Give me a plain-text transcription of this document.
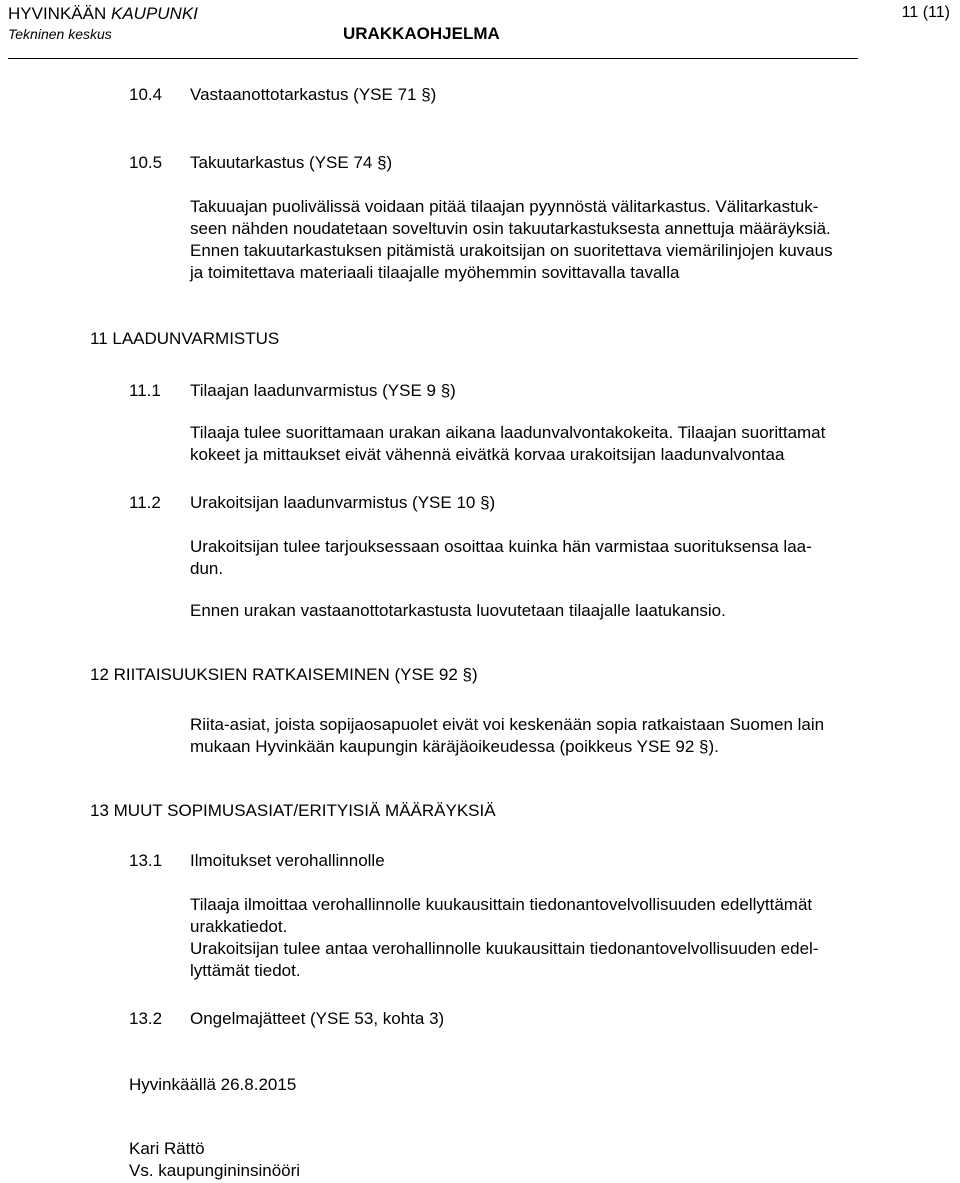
HYVINKÄÄN KAUPUNKI
Tekninen keskus	URAKKAOHJELMA
11 (11)
10.4 Vastaanottotarkastus (YSE 71 §)
10.5 Takuutarkastus (YSE 74 §)
Takuuajan puolivälissä voidaan pitää tilaajan pyynnöstä välitarkastus. Välitarkastuk-
seen nähden noudatetaan soveltuvin osin takuutarkastuksesta annettuja määräyksiä.
Ennen takuutarkastuksen pitämistä urakoitsijan on suoritettava viemärilinjojen kuvaus
ja toimitettava materiaali tilaajalle myöhemmin sovittavalla tavalla
11 LAADUNVARMISTUS
11.1 Tilaajan laadunvarmistus (YSE 9 §)
Tilaaja tulee suorittamaan urakan aikana laadunvalvontakokeita. Tilaajan suorittamat
kokeet ja mittaukset eivät vähennä eivätkä korvaa urakoitsijan laadunvalvontaa
11.2 Urakoitsijan laadunvarmistus (YSE 10 §)
Urakoitsijan tulee tarjouksessaan osoittaa kuinka hän varmistaa suorituksensa laa-
dun.
Ennen urakan vastaanottotarkastusta luovutetaan tilaajalle laatukansio.
12 RIITAISUUKSIEN RATKAISEMINEN (YSE 92 §)
Riita-asiat, joista sopijaosapuolet eivät voi keskenään sopia ratkaistaan Suomen lain
mukaan Hyvinkään kaupungin käräjäoikeudessa (poikkeus YSE 92 §).
13 MUUT SOPIMUSASIAT/ERITYISIÄ MÄÄRÄYKSIÄ
13.1 Ilmoitukset verohallinnolle
Tilaaja ilmoittaa verohallinnolle kuukausittain tiedonantovelvollisuuden edellyttämät
urakkatiedot.
Urakoitsijan tulee antaa verohallinnolle kuukausittain tiedonantovelvollisuuden edel-
lyttämät tiedot.
13.2 Ongelmajätteet (YSE 53, kohta 3)
Hyvinkäällä 26.8.2015
Kari Rättö
Vs. kaupungininsinööri
